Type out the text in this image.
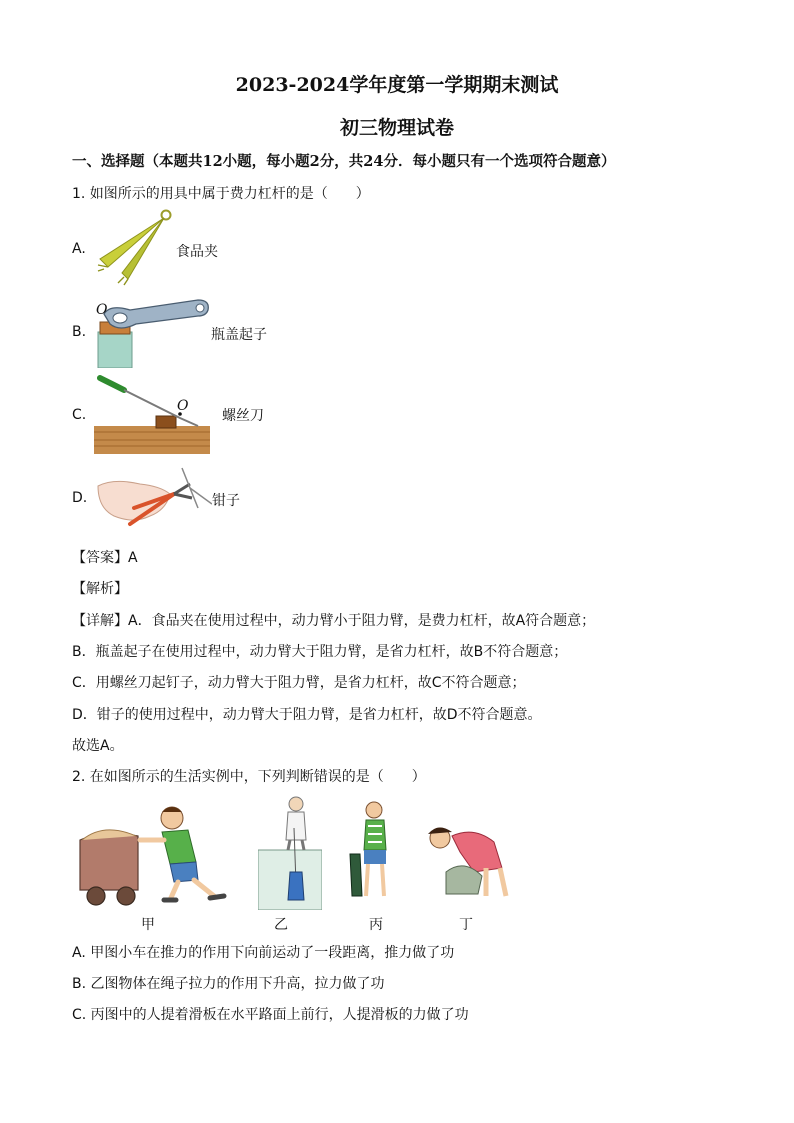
2023-2024学年度第一学期期末测试
初三物理试卷
一、选择题（本题共12小题，每小题2分，共24分．每小题只有一个选项符合题意）
1. 如图所示的用具中属于费力杠杆的是（　　）
A.	食品夹
B.
O
瓶盖起子
C.
O
螺丝刀
D.	钳子
【答案】A
【解析】
【详解】A．食品夹在使用过程中，动力臂小于阻力臂，是费力杠杆，故A符合题意；
B．瓶盖起子在使用过程中，动力臂大于阻力臂，是省力杠杆，故B不符合题意；
C．用螺丝刀起钉子，动力臂大于阻力臂，是省力杠杆，故C不符合题意；
D．钳子的使用过程中，动力臂大于阻力臂，是省力杠杆，故D不符合题意。
故选A。
2. 在如图所示的生活实例中，下列判断错误的是（　　）
甲	乙	丙	丁
A. 甲图小车在推力的作用下向前运动了一段距离，推力做了功
B. 乙图物体在绳子拉力的作用下升高，拉力做了功
C. 丙图中的人提着滑板在水平路面上前行，人提滑板的力做了功
